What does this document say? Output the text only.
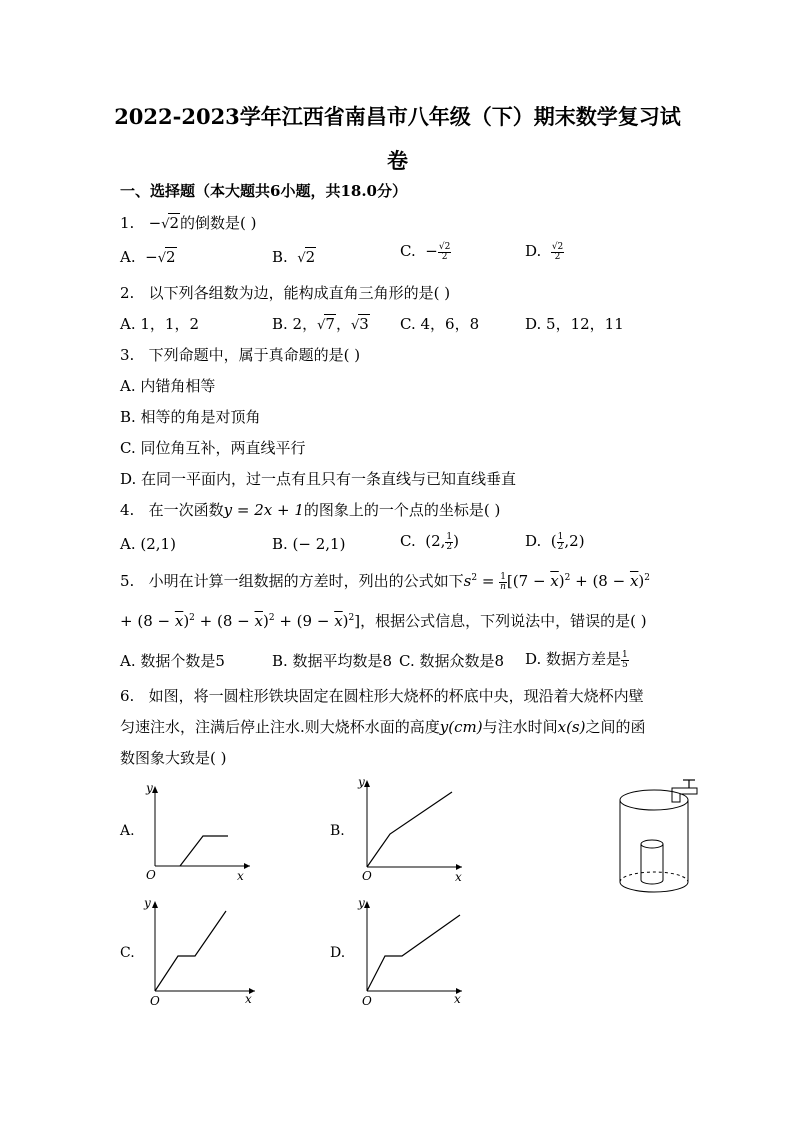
2022-2023学年江西省南昌市八年级（下）期末数学复习试
卷
一、选择题（本大题共6小题，共18.0分）
1.   −√2的倒数是( )
A.  −√2	B. √2	C.  − $\frac{√2}{2}$	D. $\frac{√2}{2}$
2. 以下列各组数为边，能构成直角三角形的是( )
A. 1，1，2	B. 2，√7，√3 C. 4，6，8	D. 5，12，11
3. 下列命题中，属于真命题的是( )
A. 内错角相等
B. 相等的角是对顶角
C. 同位角互补，两直线平行
D. 在同一平面内，过一点有且只有一条直线与已知直线垂直
4. 在一次函数y = 2x + 1的图象上的一个点的坐标是( )
A. (2,1)	B. (− 2,1)	C.  (2, $\frac{1}{2}$ )	D.  ( $\frac{1}{2} ,2$)
5. 小明在计算一组数据的方差时，列出的公式如下$s^2 = \frac{1}{n} [(7 - \overline{x})^2 + (8 - \overline{x})^2$
+ $(8 - \overline{x})^2 + (8 - \overline{x})^2 + (9 - \overline{x})^2$]，根据公式信息，下列说法中，错误的是( )
A. 数据个数是5	B. 数据平均数是8 C. 数据众数是8 D. 数据方差是 $\frac{1}{5}$
6. 如图，将一圆柱形铁块固定在圆柱形大烧杯的杯底中央，现沿着大烧杯内壁
匀速注水，注满后停止注水.则大烧杯水面的高度y(cm)与注水时间x(s)之间的函
数图象大致是( )
A.
y
O	x
B.
y
O	x
C.
y
O	x
D.
y
O	x
